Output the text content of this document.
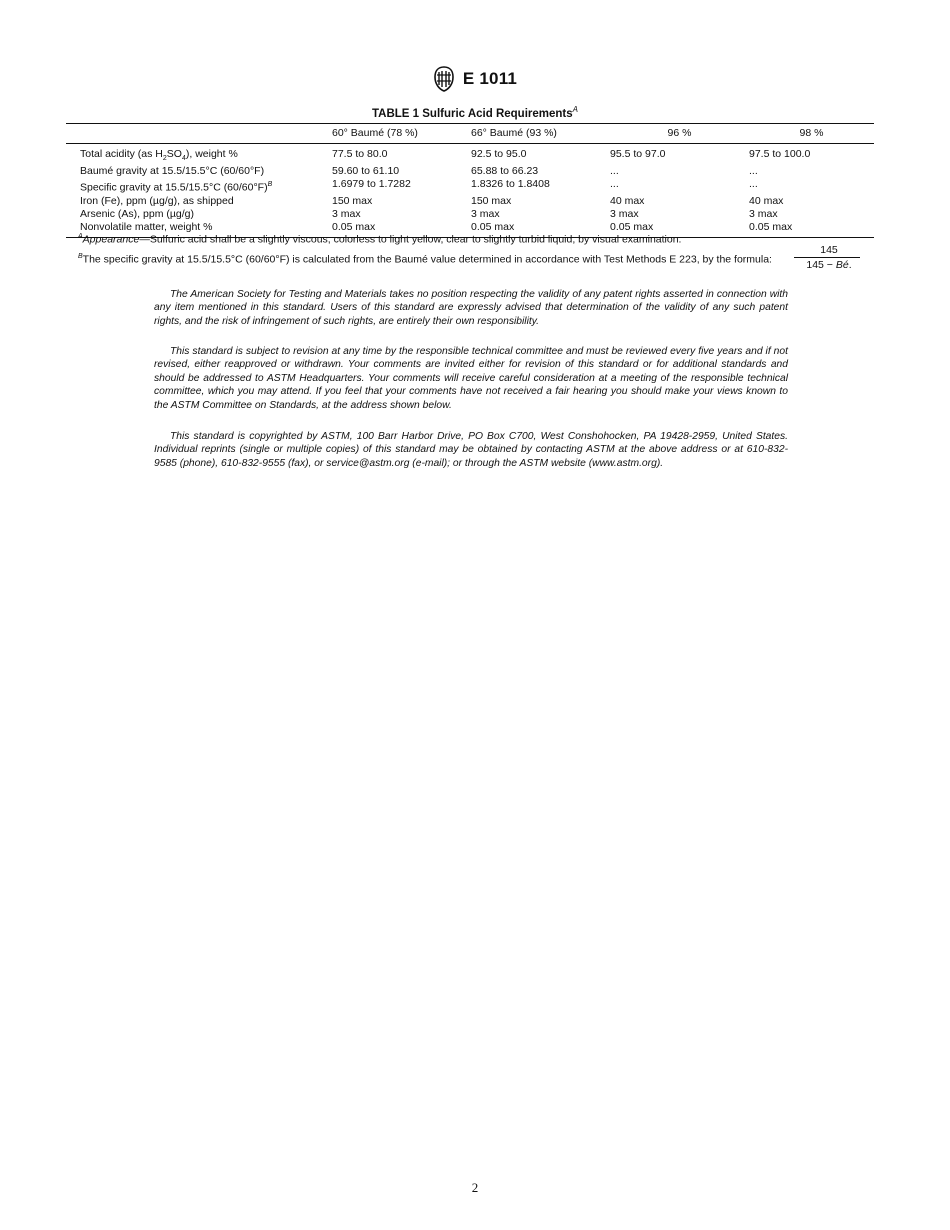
E 1011
TABLE 1 Sulfuric Acid Requirements$^A$
	60° Baumé (78 %)	66° Baumé (93 %)	96 %	98 %
Total acidity (as $H_2SO_4$), weight %	77.5 to 80.0	92.5 to 95.0	95.5 to 97.0	97.5 to 100.0
Baumé gravity at 15.5/15.5°C (60/60°F)	59.60 to 61.10	65.88 to 66.23	...	...
Specific gravity at 15.5/15.5°C (60/60°F)$^B$	1.6979 to 1.7282	1.8326 to 1.8408	...	...
Iron (Fe), ppm (µg/g), as shipped	150 max	150 max	40 max	40 max
Arsenic (As), ppm (µg/g)	3 max	3 max	3 max	3 max
Nonvolatile matter, weight %	0.05 max	0.05 max	0.05 max	0.05 max
$^A$Appearance—Sulfuric acid shall be a slightly viscous, colorless to light yellow, clear to slightly turbid liquid, by visual examination.
$^B$The specific gravity at 15.5/15.5°C (60/60°F) is calculated from the Baumé value determined in accordance with Test Methods E 223, by the formula:
145
145 − Bé.

The American Society for Testing and Materials takes no position respecting the validity of any patent rights asserted in connection with any item mentioned in this standard. Users of this standard are expressly advised that determination of the validity of any such patent rights, and the risk of infringement of such rights, are entirely their own responsibility.

This standard is subject to revision at any time by the responsible technical committee and must be reviewed every five years and if not revised, either reapproved or withdrawn. Your comments are invited either for revision of this standard or for additional standards and should be addressed to ASTM Headquarters. Your comments will receive careful consideration at a meeting of the responsible technical committee, which you may attend. If you feel that your comments have not received a fair hearing you should make your views known to the ASTM Committee on Standards, at the address shown below.

This standard is copyrighted by ASTM, 100 Barr Harbor Drive, PO Box C700, West Conshohocken, PA 19428-2959, United States. Individual reprints (single or multiple copies) of this standard may be obtained by contacting ASTM at the above address or at 610-832-9585 (phone), 610-832-9555 (fax), or service@astm.org (e-mail); or through the ASTM website (www.astm.org).

2
